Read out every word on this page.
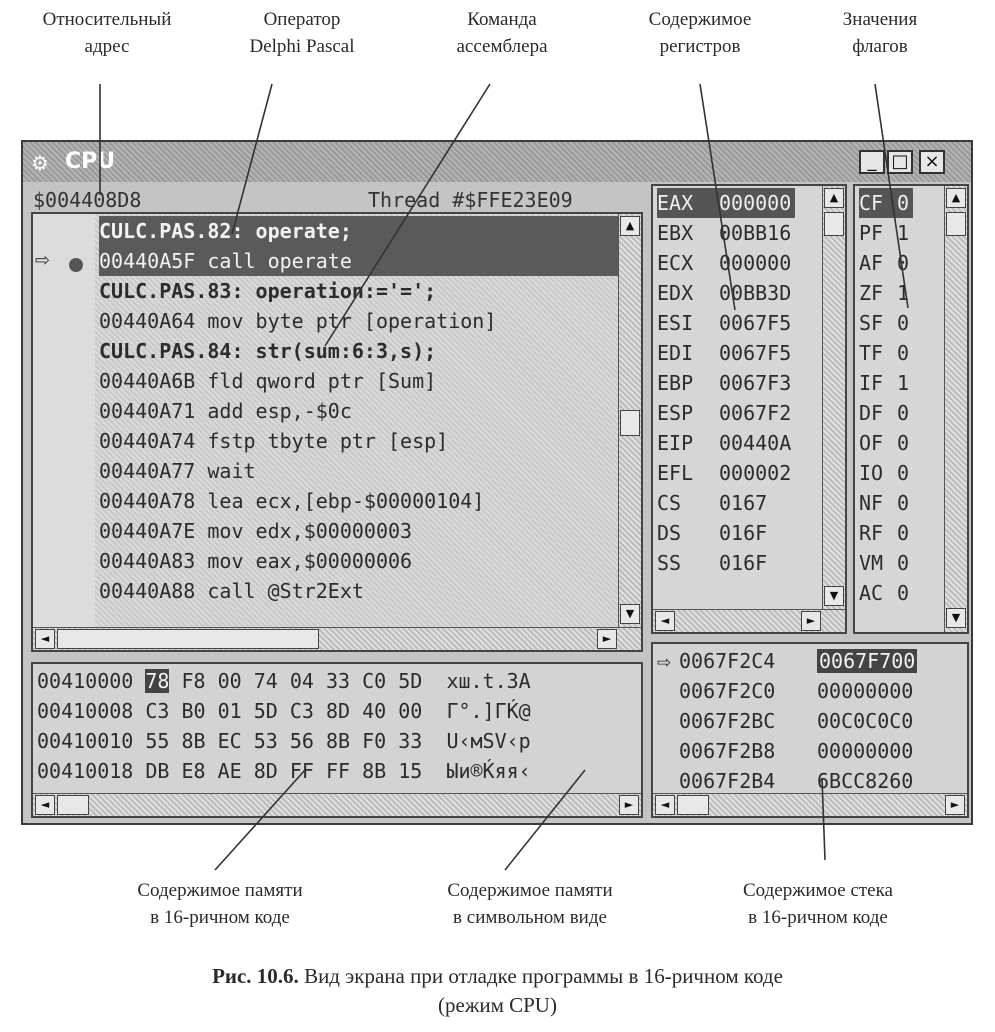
Относительный
адрес
Оператор
Delphi Pascal
Команда
ассемблера
Содержимое
регистров
Значения
флагов
⚙ CPU	_ □ ×
$004408D8	Thread #$FFE23E09
⇨
CULC.PAS.82: operate;
00440A5F call operate
CULC.PAS.83: operation:='=';
00440A64 mov byte ptr [operation]
CULC.PAS.84: str(sum:6:3,s);
00440A6B fld qword ptr [Sum]
00440A71 add esp,-$0c
00440A74 fstp tbyte ptr [esp]
00440A77 wait
00440A78 lea ecx,[ebp-$00000104]
00440A7E mov edx,$00000003
00440A83 mov eax,$00000006
00440A88 call @Str2Ext
▲
▼
◄	►
EAX 000000
EBX 00BB16
ECX 000000
EDX 00BB3D
ESI 0067F5
EDI 0067F5
EBP 0067F3
ESP 0067F2
EIP 00440A
EFL 000002
CS 0167
DS 016F
SS 016F
▲
▼
◄	►
CF 0
PF 1
AF 0
ZF 1
SF 0
TF 0
IF 1
DF 0
OF 0
IO 0
NF 0
RF 0
VM 0
AC 0
▲
▼
00410000 78 F8 00 74 04 33 C0 5D хш.t.3А
00410008 C3 B0 01 5D C3 8D 40 00 Г°.]ГЌ@
00410010 55 8B EC 53 56 8B F0 33 U‹мSV‹р
00410018 DB E8 AE 8D FF FF 8B 15 Ыи®Ќяя‹
◄	►
⇨ 0067F2C4 0067F700
0067F2C0 00000000
0067F2BC 00C0C0C0
0067F2B8 00000000
0067F2B4 6BCC8260
◄	►
Содержимое памяти
в 16-ричном коде
Содержимое памяти
в символьном виде
Содержимое стека
в 16-ричном коде
Рис. 10.6. Вид экрана при отладке программы в 16-ричном коде
(режим CPU)
